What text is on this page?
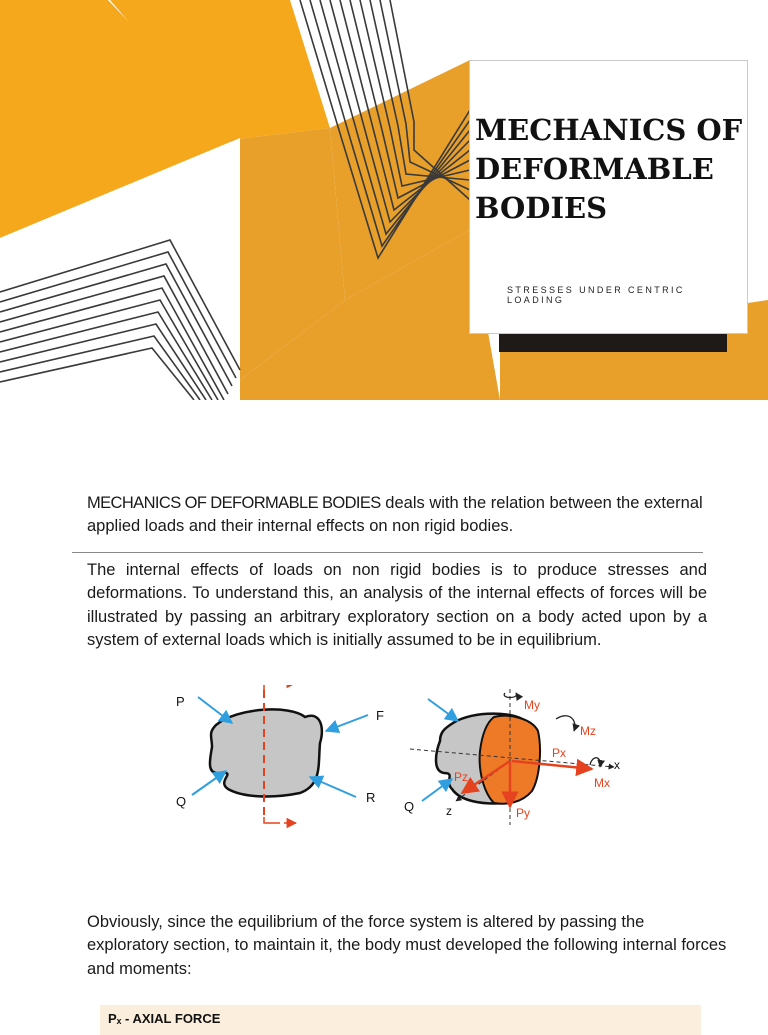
MECHANICS OF DEFORMABLE BODIES
STRESSES UNDER CENTRIC LOADING

MECHANICS OF DEFORMABLE BODIES deals with the relation between the external applied loads and their internal effects on non rigid bodies.

The internal effects of loads on non rigid bodies is to produce stresses and deformations. To understand this, an analysis of the internal effects of forces will be illustrated by passing an arbitrary exploratory section on a body acted upon by a system of external loads which is initially assumed to be in equilibrium.

P
F
Q	R
Q	z
x
My
Mz
Px
Mx
Pz
Py

Obviously, since the equilibrium of the force system is altered by passing the exploratory section, to maintain it, the body must developed the following internal forces and moments:

Pₓ - AXIAL FORCE
